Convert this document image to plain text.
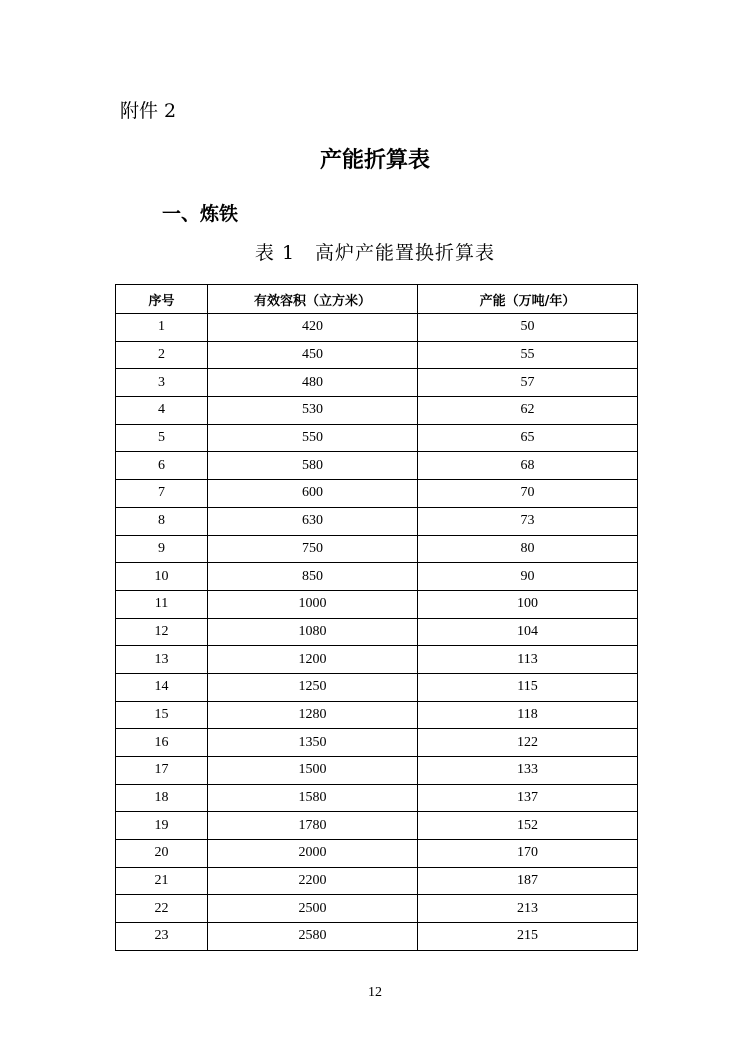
附件 2
产能折算表
一、炼铁
表 1　高炉产能置换折算表
序号	有效容积（立方米）	产能（万吨/年）
1	420	50
2	450	55
3	480	57
4	530	62
5	550	65
6	580	68
7	600	70
8	630	73
9	750	80
10	850	90
11	1000	100
12	1080	104
13	1200	113
14	1250	115
15	1280	118
16	1350	122
17	1500	133
18	1580	137
19	1780	152
20	2000	170
21	2200	187
22	2500	213
23	2580	215
12
